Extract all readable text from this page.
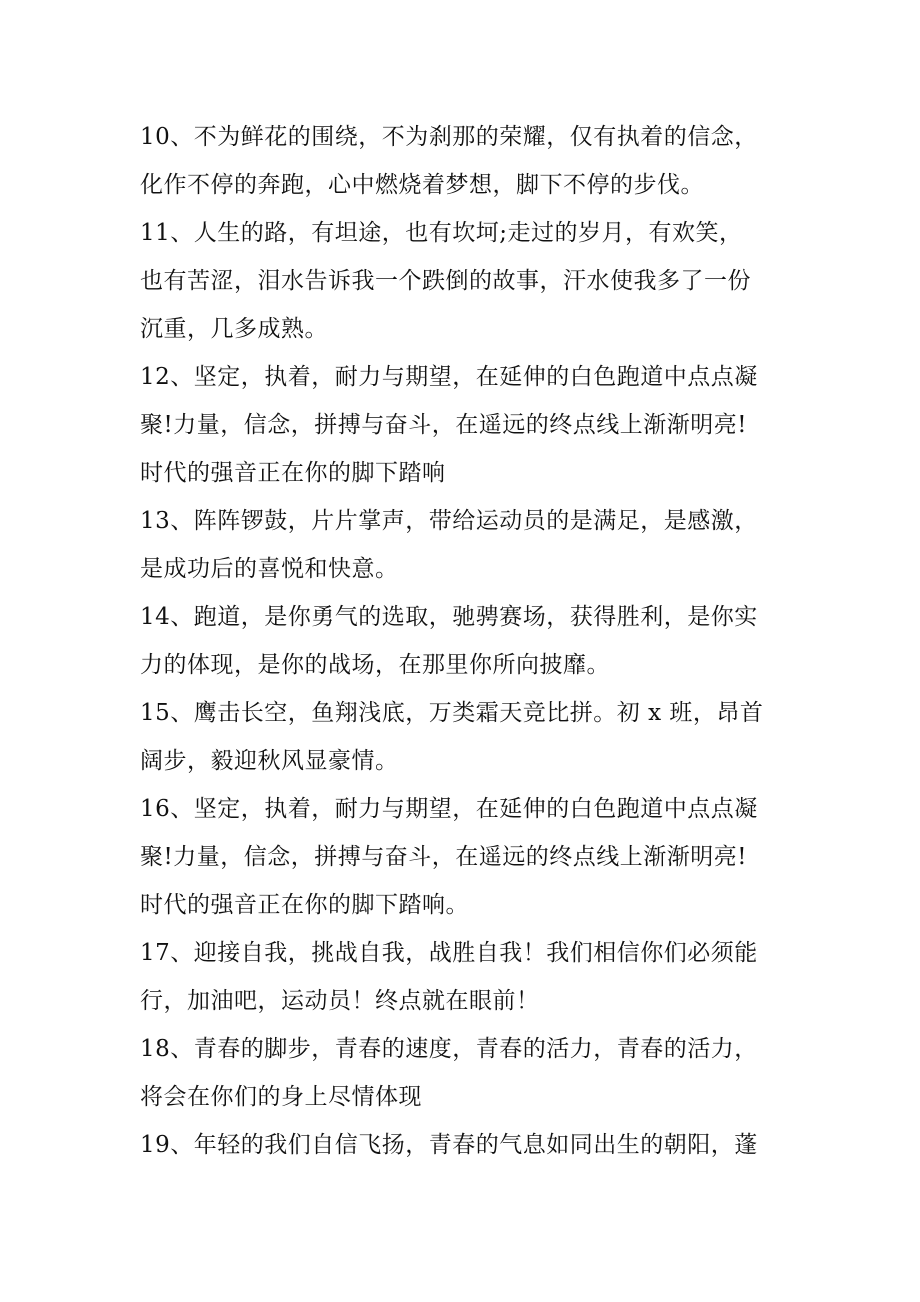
10、不为鲜花的围绕，不为刹那的荣耀，仅有执着的信念，
化作不停的奔跑，心中燃烧着梦想，脚下不停的步伐。
11、人生的路，有坦途，也有坎坷;走过的岁月，有欢笑，
也有苦涩，泪水告诉我一个跌倒的故事，汗水使我多了一份
沉重，几多成熟。
12、坚定，执着，耐力与期望，在延伸的白色跑道中点点凝
聚!力量，信念，拼搏与奋斗，在遥远的终点线上渐渐明亮!
时代的强音正在你的脚下踏响
13、阵阵锣鼓，片片掌声，带给运动员的是满足，是感激，
是成功后的喜悦和快意。
14、跑道，是你勇气的选取，驰骋赛场，获得胜利，是你实
力的体现，是你的战场，在那里你所向披靡。
15、鹰击长空，鱼翔浅底，万类霜天竞比拼。初 x 班，昂首
阔步，毅迎秋风显豪情。
16、坚定，执着，耐力与期望，在延伸的白色跑道中点点凝
聚!力量，信念，拼搏与奋斗，在遥远的终点线上渐渐明亮!
时代的强音正在你的脚下踏响。
17、迎接自我，挑战自我，战胜自我！我们相信你们必须能
行，加油吧，运动员！终点就在眼前！
18、青春的脚步，青春的速度，青春的活力，青春的活力，
将会在你们的身上尽情体现
19、年轻的我们自信飞扬，青春的气息如同出生的朝阳，蓬
